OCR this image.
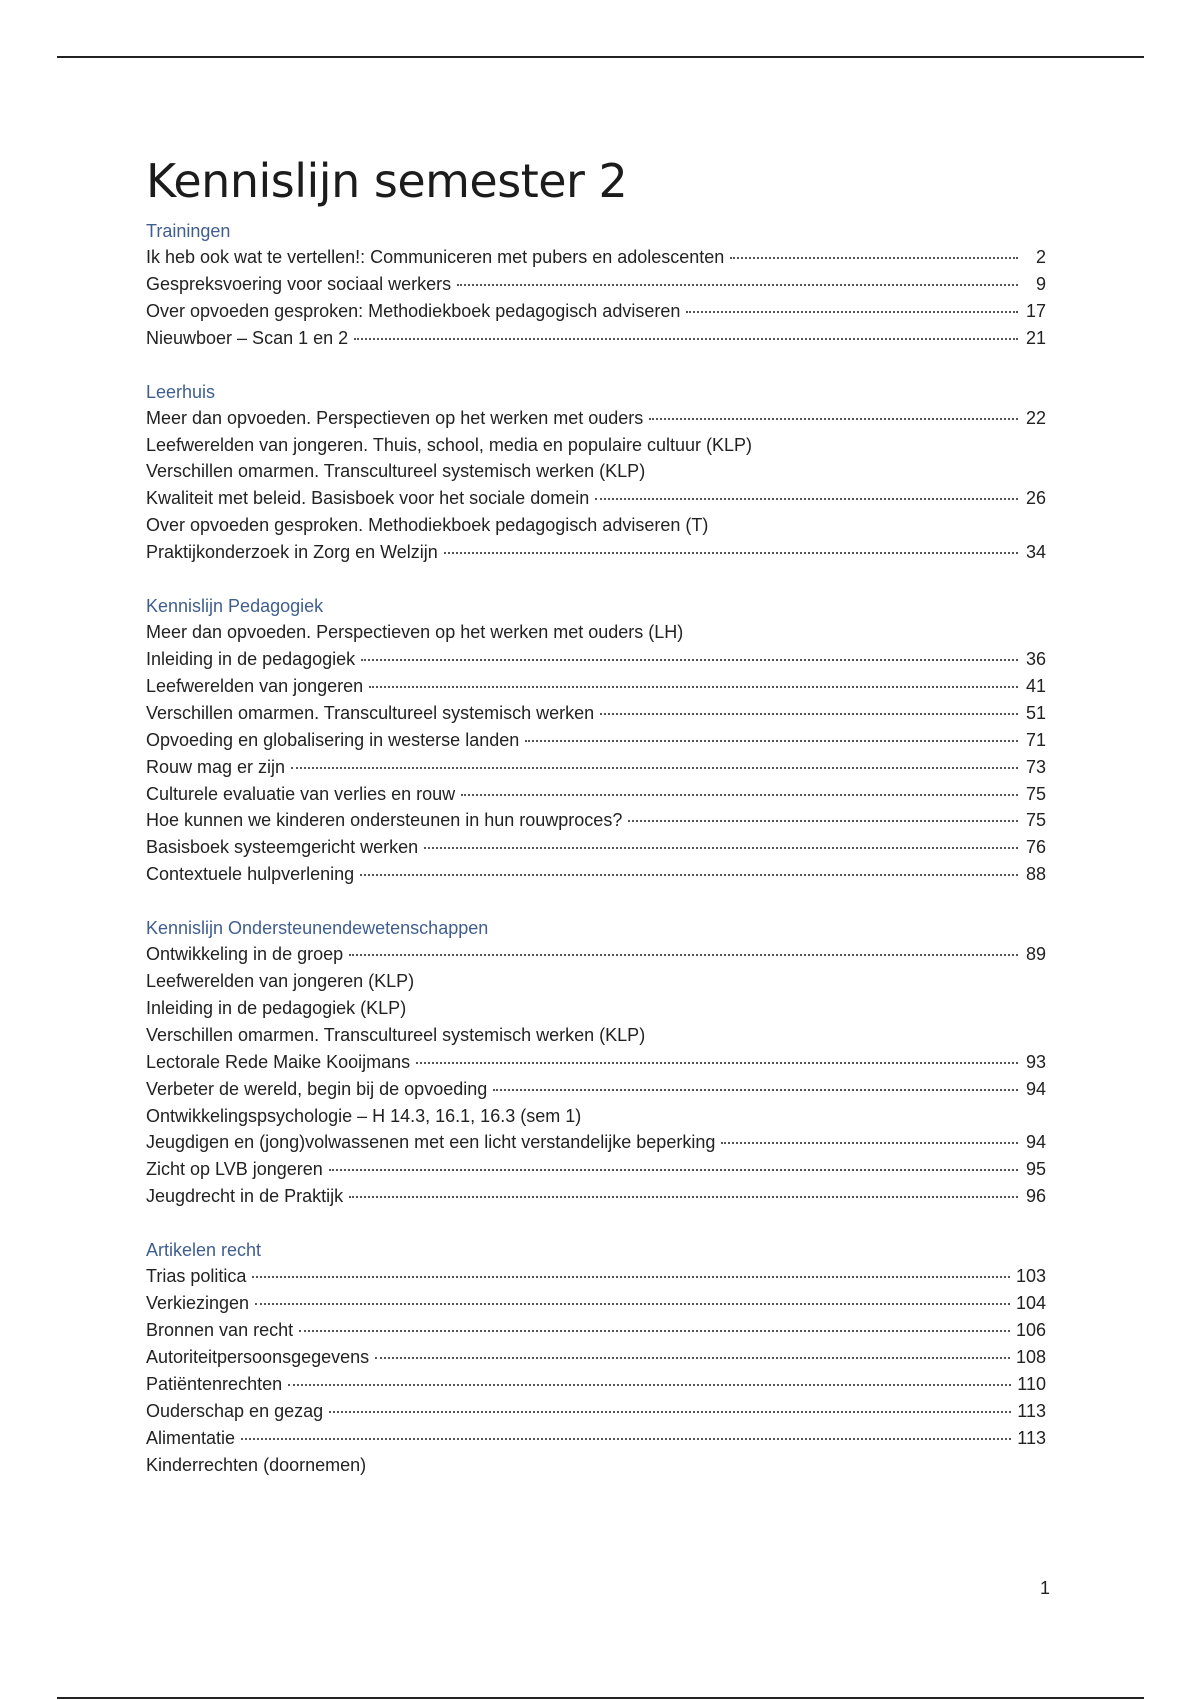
Kennislijn semester 2
Trainingen
Ik heb ook wat te vertellen!: Communiceren met pubers en adolescenten	2
Gespreksvoering voor sociaal werkers	9
Over opvoeden gesproken: Methodiekboek pedagogisch adviseren	17
Nieuwboer – Scan 1 en 2	21
Leerhuis
Meer dan opvoeden. Perspectieven op het werken met ouders	22
Leefwerelden van jongeren. Thuis, school, media en populaire cultuur (KLP)
Verschillen omarmen. Transcultureel systemisch werken (KLP)
Kwaliteit met beleid. Basisboek voor het sociale domein	26
Over opvoeden gesproken. Methodiekboek pedagogisch adviseren (T)
Praktijkonderzoek in Zorg en Welzijn	34
Kennislijn Pedagogiek
Meer dan opvoeden. Perspectieven op het werken met ouders (LH)
Inleiding in de pedagogiek	36
Leefwerelden van jongeren	41
Verschillen omarmen. Transcultureel systemisch werken	51
Opvoeding en globalisering in westerse landen	71
Rouw mag er zijn	73
Culturele evaluatie van verlies en rouw	75
Hoe kunnen we kinderen ondersteunen in hun rouwproces?	75
Basisboek systeemgericht werken	76
Contextuele hulpverlening	88
Kennislijn Ondersteunendewetenschappen
Ontwikkeling in de groep	89
Leefwerelden van jongeren (KLP)
Inleiding in de pedagogiek (KLP)
Verschillen omarmen. Transcultureel systemisch werken (KLP)
Lectorale Rede Maike Kooijmans	93
Verbeter de wereld, begin bij de opvoeding	94
Ontwikkelingspsychologie – H 14.3, 16.1, 16.3 (sem 1)
Jeugdigen en (jong)volwassenen met een licht verstandelijke beperking	94
Zicht op LVB jongeren	95
Jeugdrecht in de Praktijk	96
Artikelen recht
Trias politica	103
Verkiezingen	104
Bronnen van recht	106
Autoriteitpersoonsgegevens	108
Patiëntenrechten	110
Ouderschap en gezag	113
Alimentatie	113
Kinderrechten (doornemen)
1
